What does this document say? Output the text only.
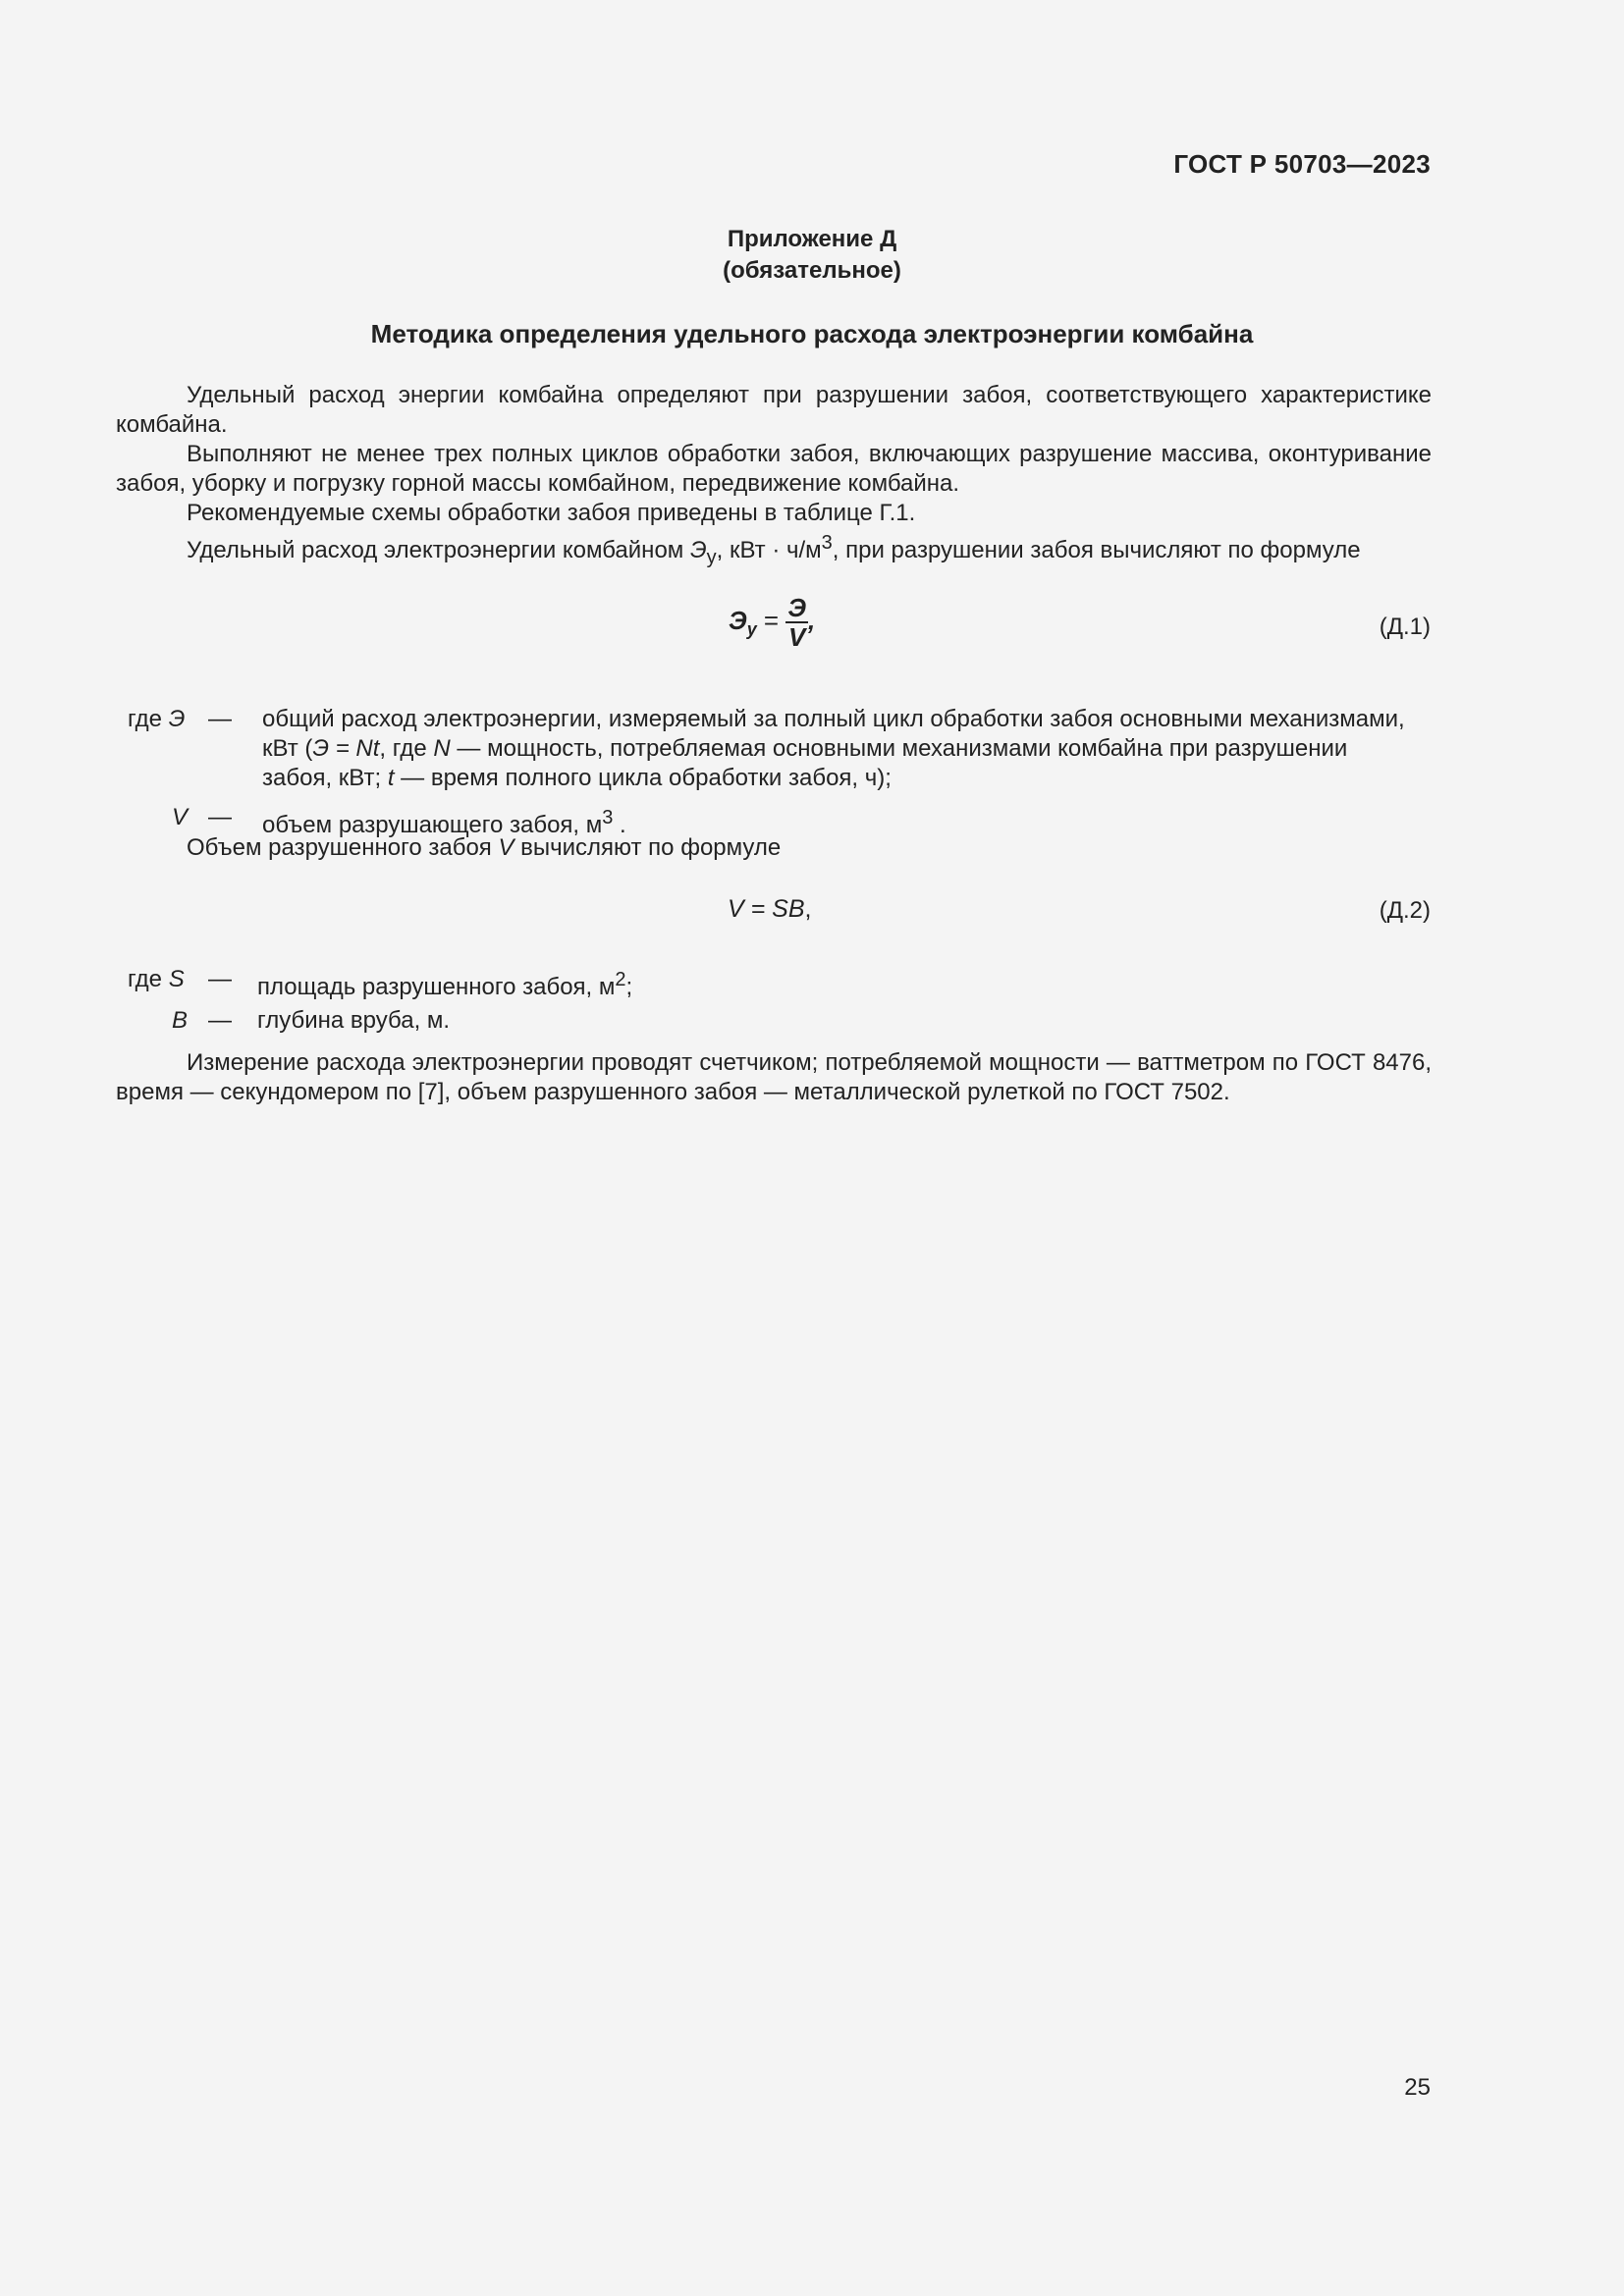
ГОСТ Р 50703—2023
Приложение Д
(обязательное)
Методика определения удельного расхода электроэнергии комбайна

Удельный расход энергии комбайна определяют при разрушении забоя, соответствующего характеристике комбайна.

Выполняют не менее трех полных циклов обработки забоя, включающих разрушение массива, оконтуривание забоя, уборку и погрузку горной массы комбайном, передвижение комбайна.

Рекомендуемые схемы обработки забоя приведены в таблице Г.1.

Удельный расход электроэнергии комбайном $Э_у$, кВт · $ч/м^3$, при разрушении забоя вычисляют по формуле

$Э_у = \frac{Э}{V}$ ,	(Д.1)
где Э — общий расход электроэнергии, измеряемый за полный цикл обработки забоя основными механизмами, кВт (Э = Nt, где N — мощность, потребляемая основными механизмами комбайна при разрушении забоя, кВт; t — время полного цикла обработки забоя, ч);
V — объем разрушающего забоя, $м^3$ .

Объем разрушенного забоя V вычисляют по формуле

V = SB,	(Д.2)
где S — площадь разрушенного забоя, $м^2$;
B — глубина вруба, м.

Измерение расхода электроэнергии проводят счетчиком; потребляемой мощности — ваттметром по ГОСТ 8476, время — секундомером по [7], объем разрушенного забоя — металлической рулеткой по ГОСТ 7502.

25
